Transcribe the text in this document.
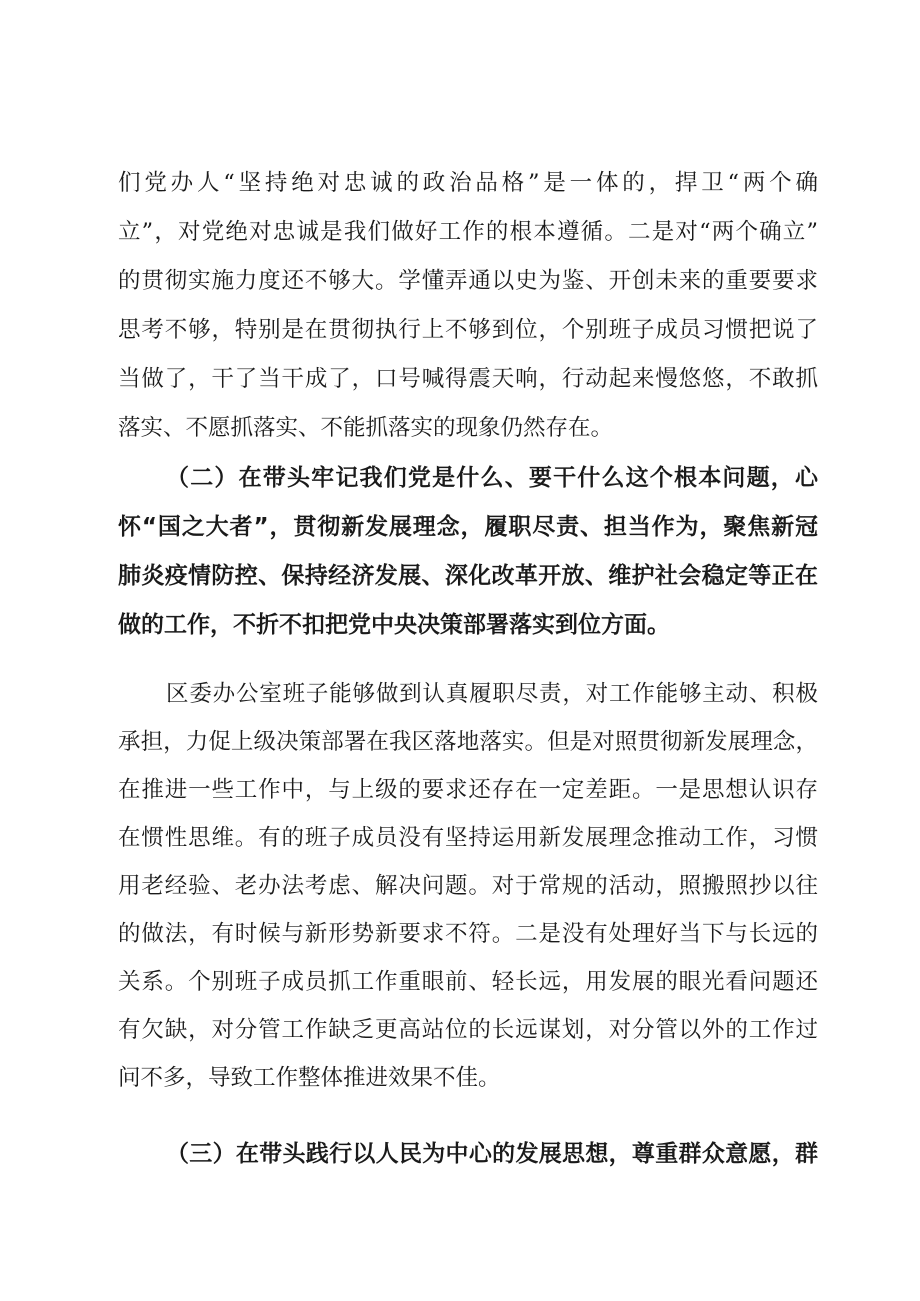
们党办人“坚持绝对忠诚的政治品格”是一体的，捍卫“两个确
立”，对党绝对忠诚是我们做好工作的根本遵循。二是对“两个确立”
的贯彻实施力度还不够大。学懂弄通以史为鉴、开创未来的重要要求
思考不够，特别是在贯彻执行上不够到位，个别班子成员习惯把说了
当做了，干了当干成了，口号喊得震天响，行动起来慢悠悠，不敢抓
落实、不愿抓落实、不能抓落实的现象仍然存在。
（二）在带头牢记我们党是什么、要干什么这个根本问题，心
怀“国之大者”，贯彻新发展理念，履职尽责、担当作为，聚焦新冠
肺炎疫情防控、保持经济发展、深化改革开放、维护社会稳定等正在
做的工作，不折不扣把党中央决策部署落实到位方面。
区委办公室班子能够做到认真履职尽责，对工作能够主动、积极
承担，力促上级决策部署在我区落地落实。但是对照贯彻新发展理念，
在推进一些工作中，与上级的要求还存在一定差距。一是思想认识存
在惯性思维。有的班子成员没有坚持运用新发展理念推动工作，习惯
用老经验、老办法考虑、解决问题。对于常规的活动，照搬照抄以往
的做法，有时候与新形势新要求不符。二是没有处理好当下与长远的
关系。个别班子成员抓工作重眼前、轻长远，用发展的眼光看问题还
有欠缺，对分管工作缺乏更高站位的长远谋划，对分管以外的工作过
问不多，导致工作整体推进效果不佳。
（三）在带头践行以人民为中心的发展思想，尊重群众意愿，群
